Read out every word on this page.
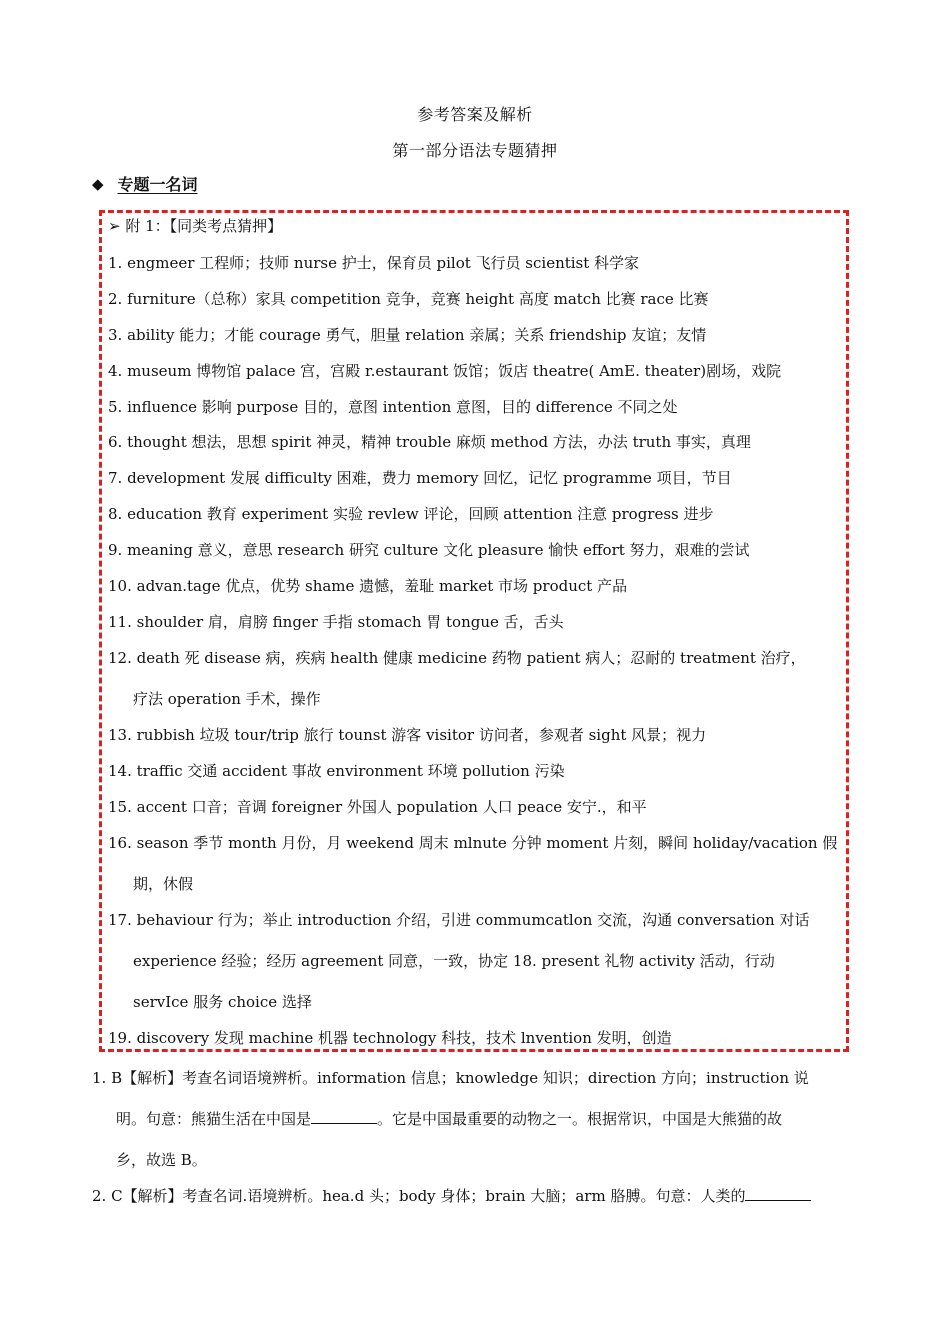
参考答案及解析
第一部分语法专题猜押
◆ 专题一名词
➢ 附 1：【同类考点猜押】
1. engmeer 工程师；技师 nurse 护士，保育员 pilot 飞行员 scientist 科学家
2. furniture（总称）家具 competition 竞争，竞赛 height 高度 match 比赛 race 比赛
3. ability 能力；才能 courage 勇气，胆量 relation 亲属；关系 friendship 友谊；友情
4. museum 博物馆 palace 宫，宫殿 r.estaurant 饭馆；饭店 theatre( AmE. theater)剧场，戏院
5. influence 影响 purpose 目的，意图 intention 意图，目的 difference 不同之处
6. thought 想法，思想 spirit 神灵，精神 trouble 麻烦 method 方法，办法 truth 事实，真理
7. development 发展 difficulty 困难，费力 memory 回忆，记忆 programme 项目，节目
8. education 教育 experiment 实验 revlew 评论，回顾 attention 注意 progress 进步
9. meaning 意义，意思 research 研究 culture 文化 pleasure 愉快 effort 努力，艰难的尝试
10. advan.tage 优点，优势 shame 遗憾，羞耻 market 市场 product 产品
11. shoulder 肩，肩膀 finger 手指 stomach 胃 tongue 舌，舌头
12. death 死 disease 病，疾病 health 健康 medicine 药物 patient 病人；忍耐的 treatment 治疗，
疗法 operation 手术，操作
13. rubbish 垃圾 tour/trip 旅行 tounst 游客 visitor 访问者，参观者 sight 风景；视力
14. traffic 交通 accident 事故 environment 环境 pollution 污染
15. accent 口音；音调 foreigner 外国人 population 人口 peace 安宁.，和平
16. season 季节 month 月份，月 weekend 周末 mlnute 分钟 moment 片刻，瞬间 holiday/vacation 假
期，休假
17. behaviour 行为；举止 introduction 介绍，引进 commumcatlon 交流，沟通 conversation 对话
experience 经验；经历 agreement 同意，一致，协定 18. present 礼物 activity 活动，行动
servIce 服务 choice 选择
19. discovery 发现 machine 机器 technology 科技，技术 lnvention 发明，创造
1. B【解析】考查名词语境辨析。information 信息；knowledge 知识；direction 方向；instruction 说
明。句意：熊猫生活在中国是	。它是中国最重要的动物之一。根据常识，中国是大熊猫的故
乡，故选 B。
2. C【解析】考查名词.语境辨析。hea.d 头；body 身体；brain 大脑；arm 胳膊。句意：人类的
